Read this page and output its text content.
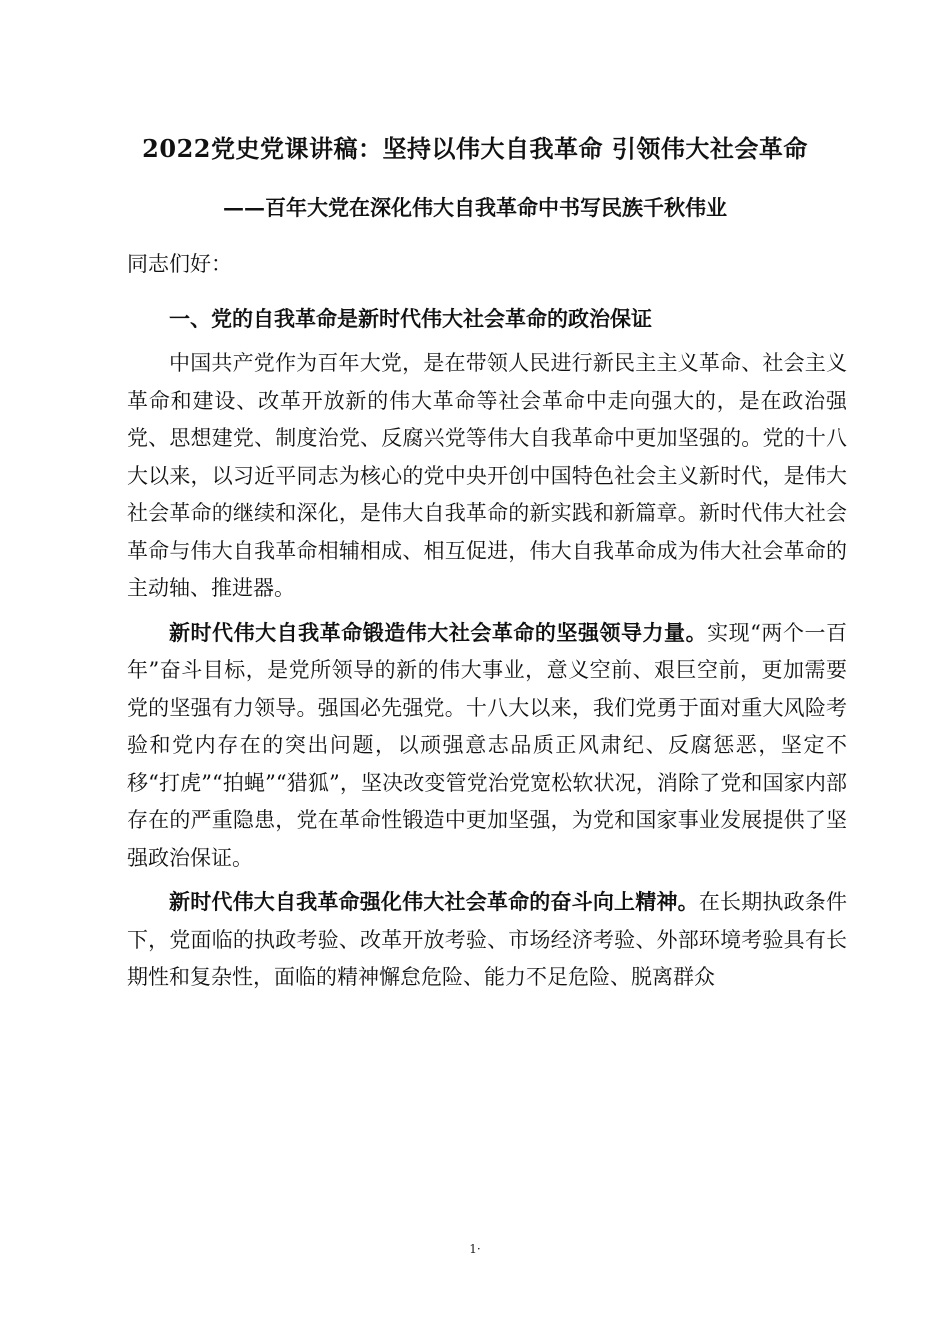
2022党史党课讲稿：坚持以伟大自我革命 引领伟大社会革命
——百年大党在深化伟大自我革命中书写民族千秋伟业

同志们好：

一、党的自我革命是新时代伟大社会革命的政治保证

中国共产党作为百年大党，是在带领人民进行新民主主义革命、社会主义革命和建设、改革开放新的伟大革命等社会革命中走向强大的，是在政治强党、思想建党、制度治党、反腐兴党等伟大自我革命中更加坚强的。党的十八大以来，以习近平同志为核心的党中央开创中国特色社会主义新时代，是伟大社会革命的继续和深化，是伟大自我革命的新实践和新篇章。新时代伟大社会革命与伟大自我革命相辅相成、相互促进，伟大自我革命成为伟大社会革命的主动轴、推进器。

新时代伟大自我革命锻造伟大社会革命的坚强领导力量。实现“两个一百年”奋斗目标，是党所领导的新的伟大事业，意义空前、艰巨空前，更加需要党的坚强有力领导。强国必先强党。十八大以来，我们党勇于面对重大风险考验和党内存在的突出问题，以顽强意志品质正风肃纪、反腐惩恶，坚定不移“打虎”“拍蝇”“猎狐”，坚决改变管党治党宽松软状况，消除了党和国家内部存在的严重隐患，党在革命性锻造中更加坚强，为党和国家事业发展提供了坚强政治保证。

新时代伟大自我革命强化伟大社会革命的奋斗向上精神。在长期执政条件下，党面临的执政考验、改革开放考验、市场经济考验、外部环境考验具有长期性和复杂性，面临的精神懈怠危险、能力不足危险、脱离群众

1·
